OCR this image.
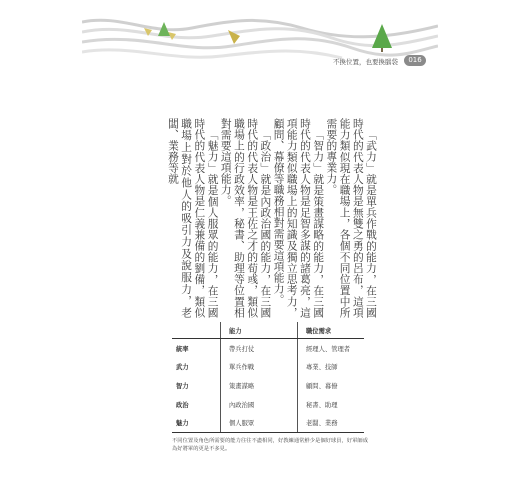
不換位置，也要換腦袋	016

「武力」就是單兵作戰的能力，在三國時代的代表人物是無雙之勇的呂布，這項能力類似現在職場上，各個不同位置中所需要的專業力。

「智力」就是策畫謀略的能力，在三國時代的代表人物是足智多謀的諸葛亮，這項能力類似職場上的知識及獨立思考力，顧問、幕僚等職務相對需要這項能力。

「政治」就是內政治國的能力，在三國時代的代表人物是王佐之才的荀彧，類似職場上的行政效率，秘書、助理等位置相對需要這項能力。

「魅力」就是個人服眾的能力，在三國時代的代表人物是仁義兼備的劉備，類似職場上對於他人的吸引力及說服力，老闆、業務等就

	能力	職位需求
統率	帶兵打仗	經理人、管理者
武力	單兵作戰	專業、技師
智力	策畫謀略	顧問、幕僚
政治	內政治國	秘書、助理
魅力	個人服眾	老闆、業務
不同位置及角色所需要的能力往往不盡相同，好教練通常鮮少是個好球員，好軍師成為好將軍的更是不多見。
